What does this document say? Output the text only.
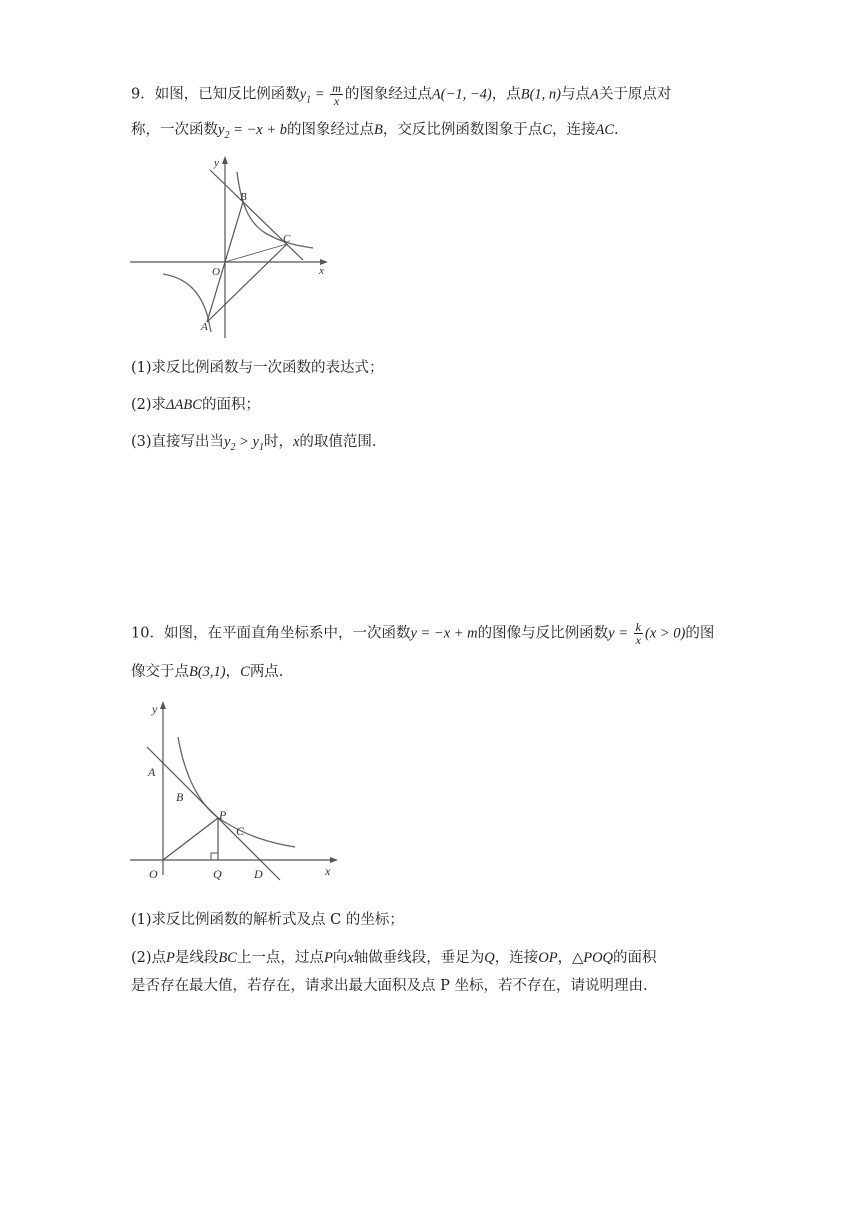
9．如图，已知反比例函数$y_1 = \frac{m}{x}$ 的图象经过点A(−1, −4)，点B(1, n)与点A关于原点对
称，一次函数$y_2 = -x + b$的图象经过点B，交反比例函数图象于点C，连接AC.
y
x
O
A
B
C
(1)求反比例函数与一次函数的表达式；
(2)求ΔABC的面积；
(3)直接写出当$y_2 > y_1$时，x的取值范围.
10．如图，在平面直角坐标系中，一次函数y = −x + m的图像与反比例函数$y = \frac{k}{x} (x > 0)$的图
像交于点B(3,1)，C两点.
y
x
O
A
B
P
C
Q	D
(1)求反比例函数的解析式及点 C 的坐标；
(2)点P是线段BC上一点，过点P向x轴做垂线段，垂足为Q，连接OP，△POQ的面积
是否存在最大值，若存在，请求出最大面积及点 P 坐标，若不存在，请说明理由.
